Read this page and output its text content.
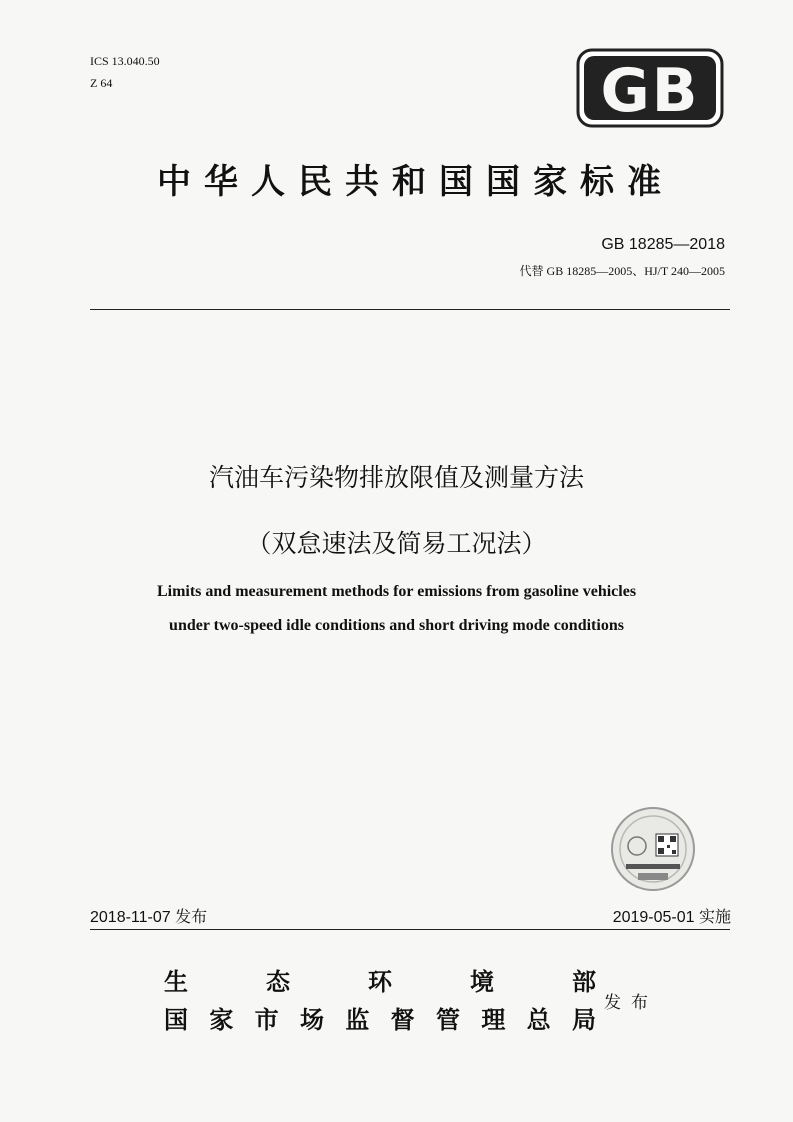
ICS 13.040.50
Z 64	GB
中华人民共和国国家标准
GB 18285—2018
代替 GB 18285—2005、HJ/T 240—2005
汽油车污染物排放限值及测量方法
（双怠速法及简易工况法）
Limits and measurement methods for emissions from gasoline vehicles
under two-speed idle conditions and short driving mode conditions
2018-11-07 发布	2019-05-01 实施
生态环境部
国家市场监督管理总局
发布
